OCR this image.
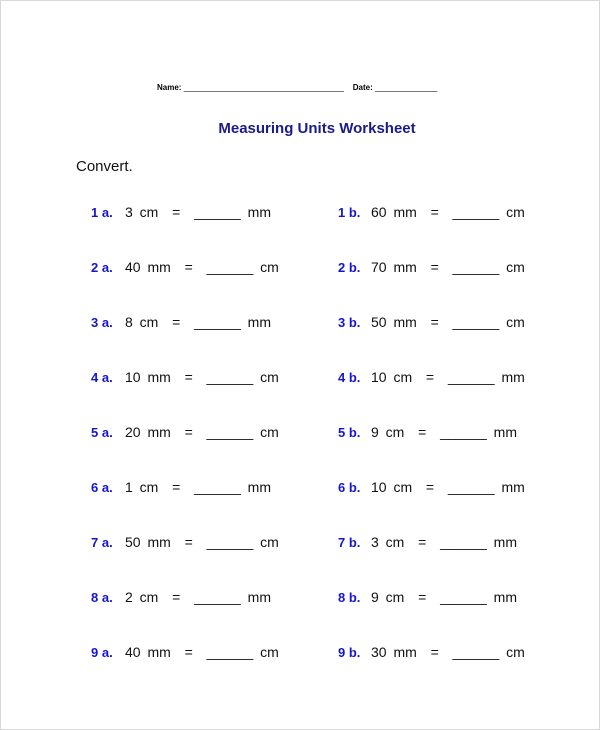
Name: ____________________________________ Date: ______________
Measuring Units Worksheet
Convert.
1 a. 3 cm  =  ______ mm
2 a. 40 mm  =  ______ cm
3 a. 8 cm  =  ______ mm
4 a. 10 mm  =  ______ cm
5 a. 20 mm  =  ______ cm
6 a. 1 cm  =  ______ mm
7 a. 50 mm  =  ______ cm
8 a. 2 cm  =  ______ mm
9 a. 40 mm  =  ______ cm
1 b. 60 mm  =  ______ cm
2 b. 70 mm  =  ______ cm
3 b. 50 mm  =  ______ cm
4 b. 10 cm  =  ______ mm
5 b. 9 cm  =  ______ mm
6 b. 10 cm  =  ______ mm
7 b. 3 cm  =  ______ mm
8 b. 9 cm  =  ______ mm
9 b. 30 mm  =  ______ cm
